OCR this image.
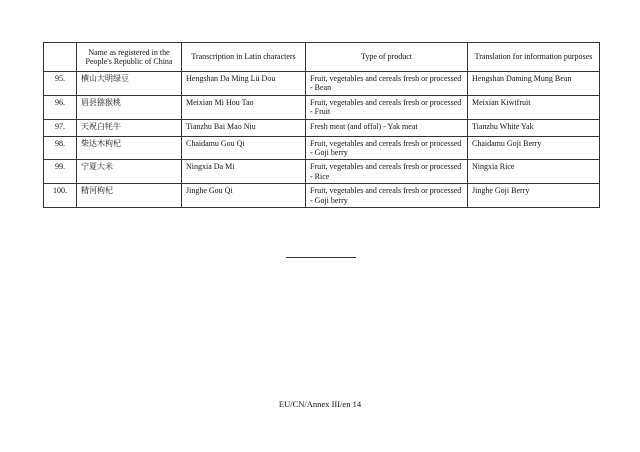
	Name as registered in the People's Republic of China	Transcription in Latin characters	Type of product	Translation for information purposes
95.	横山大明绿豆	Hengshan Da Ming Lü Dou	Fruit, vegetables and cereals fresh or processed - Bean	Hengshan Daming Mung Bean
96.	眉县猕猴桃	Meixian Mi Hou Tao	Fruit, vegetables and cereals fresh or processed - Fruit	Meixian Kiwifruit
97.	天祝白牦牛	Tianzhu Bai Mao Niu	Fresh meat (and offal) - Yak meat	Tianzhu White Yak
98.	柴达木枸杞	Chaidamu Gou Qi	Fruit, vegetables and cereals fresh or processed - Goji berry	Chaidamu Goji Berry
99.	宁夏大米	Ningxia Da Mi	Fruit, vegetables and cereals fresh or processed - Rice	Ningxia Rice
100.	精河枸杞	Jinghe Gou Qi	Fruit, vegetables and cereals fresh or processed - Goji berry	Jinghe Goji Berry
EU/CN/Annex III/en 14
